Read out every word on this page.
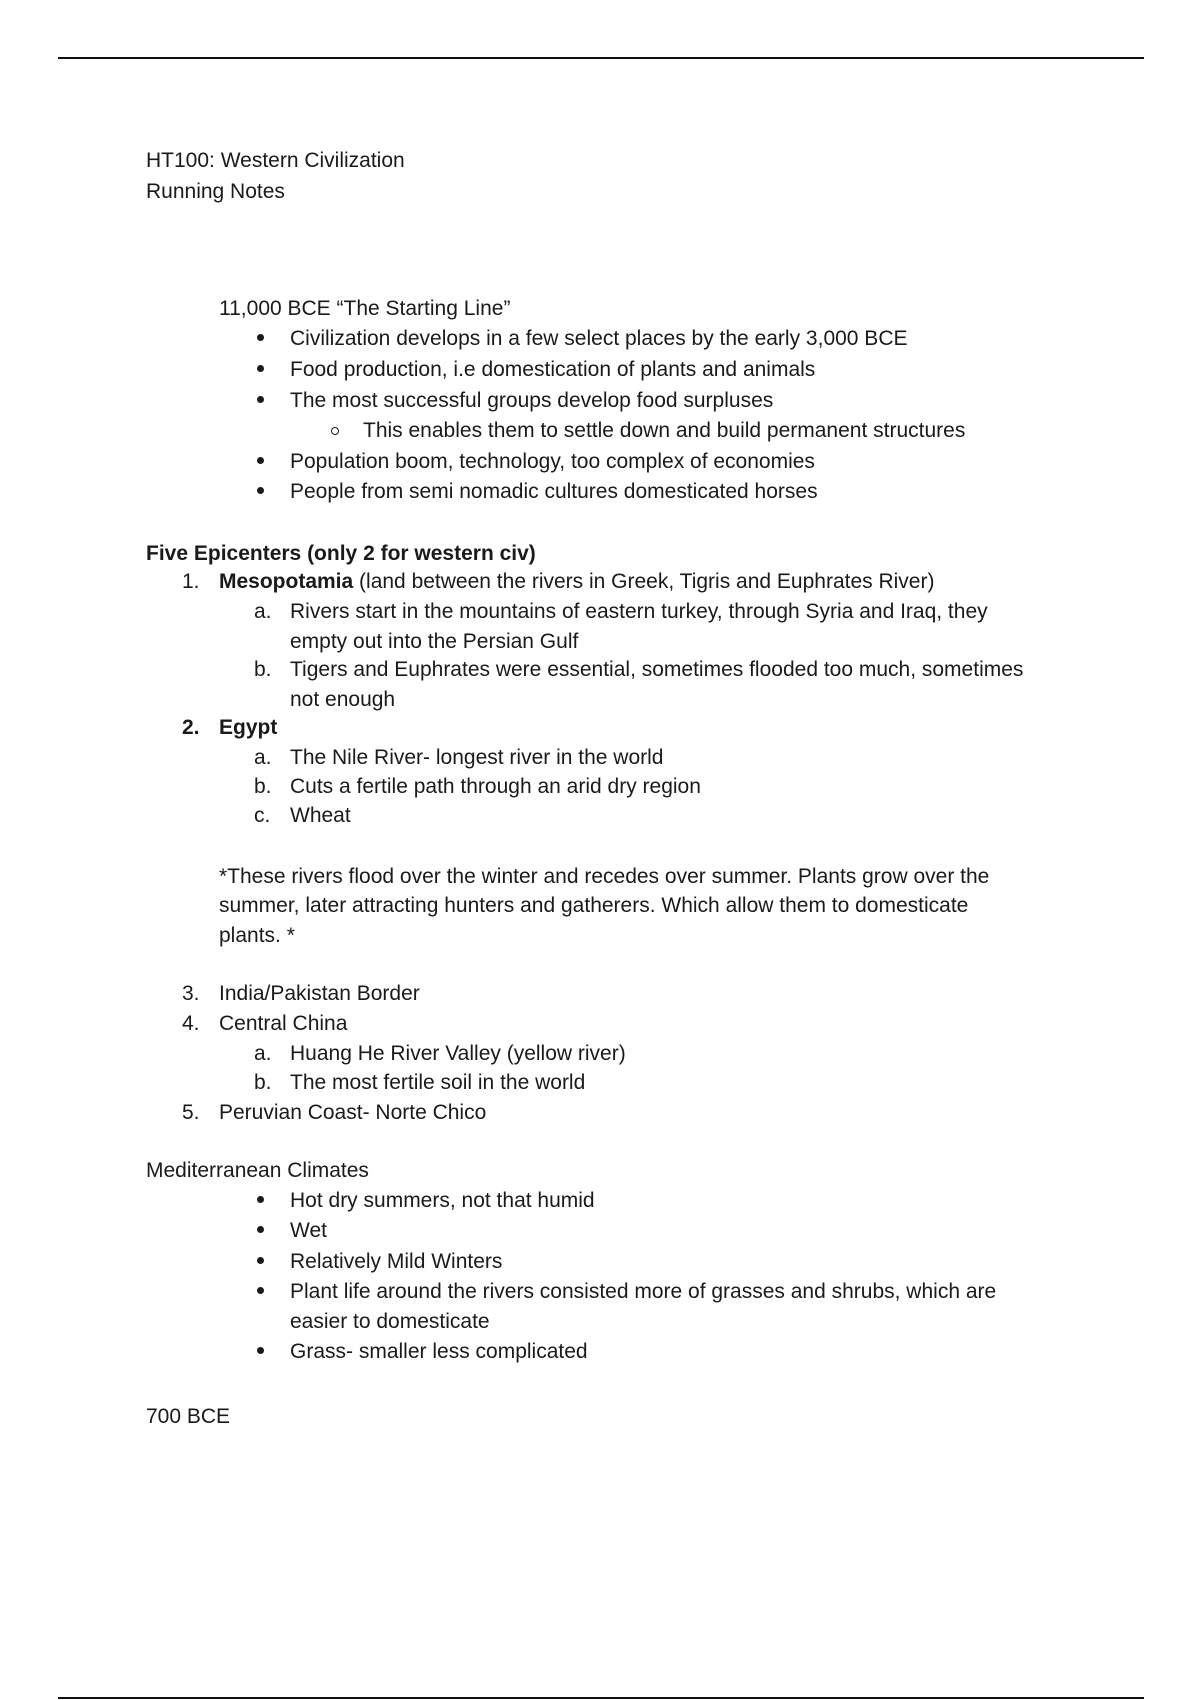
HT100: Western Civilization
Running Notes
11,000 BCE “The Starting Line”
Civilization develops in a few select places by the early 3,000 BCE
Food production, i.e domestication of plants and animals
The most successful groups develop food surpluses
This enables them to settle down and build permanent structures
Population boom, technology, too complex of economies
People from semi nomadic cultures domesticated horses
Five Epicenters (only 2 for western civ)
1. Mesopotamia (land between the rivers in Greek, Tigris and Euphrates River)
a. Rivers start in the mountains of eastern turkey, through Syria and Iraq, they
empty out into the Persian Gulf
b. Tigers and Euphrates were essential, sometimes flooded too much, sometimes
not enough
2. Egypt
a. The Nile River- longest river in the world
b. Cuts a fertile path through an arid dry region
c. Wheat
*These rivers flood over the winter and recedes over summer. Plants grow over the
summer, later attracting hunters and gatherers. Which allow them to domesticate
plants. *
3. India/Pakistan Border
4. Central China
a. Huang He River Valley (yellow river)
b. The most fertile soil in the world
5. Peruvian Coast- Norte Chico
Mediterranean Climates
Hot dry summers, not that humid
Wet
Relatively Mild Winters
Plant life around the rivers consisted more of grasses and shrubs, which are
easier to domesticate
Grass- smaller less complicated
700 BCE
